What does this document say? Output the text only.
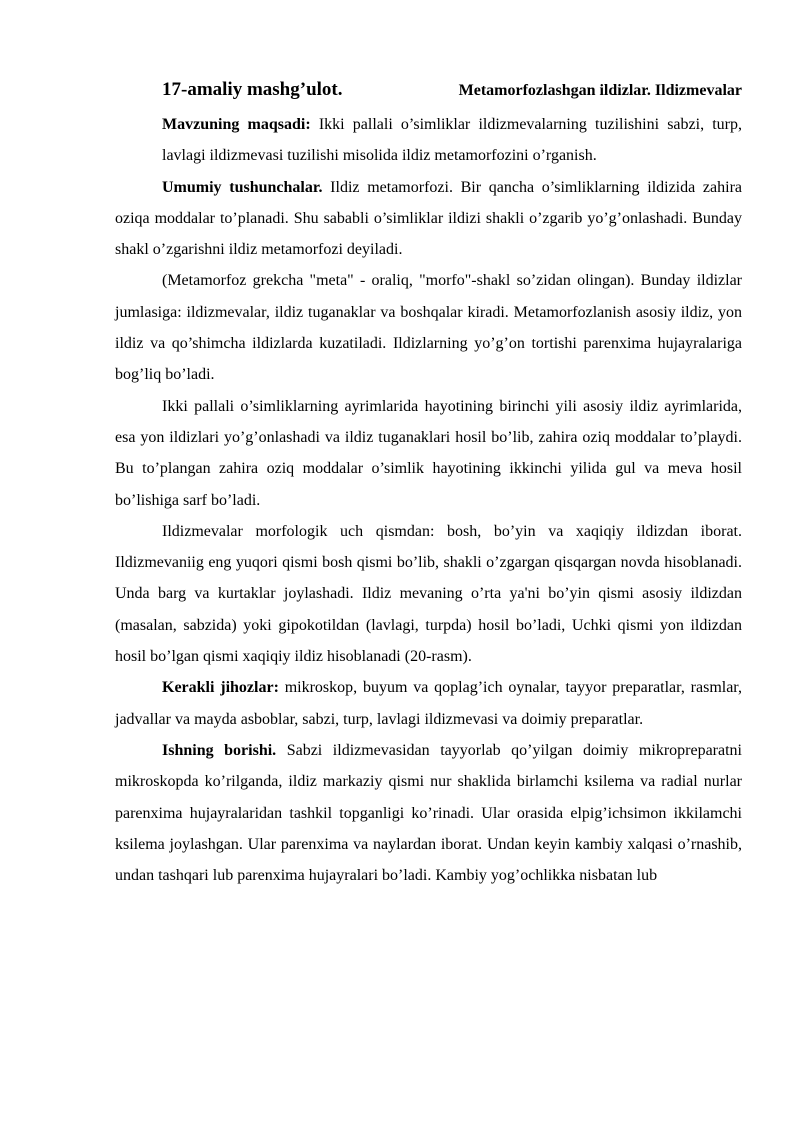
17-amaliy mashg’ulot.	Metamorfozlashgan ildizlar. Ildizmevalar

Mavzuning maqsadi: Ikki pallali o’simliklar ildizmevalarning tuzilishini sabzi, turp, lavlagi ildizmevasi tuzilishi misolida ildiz metamorfozini o’rganish.

Umumiy tushunchalar. Ildiz metamorfozi. Bir qancha o’simliklarning ildizida zahira oziqa moddalar to’planadi. Shu sababli o’simliklar ildizi shakli o’zgarib yo’g’onlashadi. Bunday shakl o’zgarishni ildiz metamorfozi deyiladi.

(Metamorfoz grekcha "meta" - oraliq, "morfo"-shakl so’zidan olingan). Bunday ildizlar jumlasiga: ildizmevalar, ildiz tuganaklar va boshqalar kiradi. Metamorfozlanish asosiy ildiz, yon ildiz va qo’shimcha ildizlarda kuzatiladi. Ildizlarning yo’g’on tortishi parenxima hujayralariga bog’liq bo’ladi.

Ikki pallali o’simliklarning ayrimlarida hayotining birinchi yili asosiy ildiz ayrimlarida, esa yon ildizlari yo’g’onlashadi va ildiz tuganaklari hosil bo’lib, zahira oziq moddalar to’playdi. Bu to’plangan zahira oziq moddalar o’simlik hayotining ikkinchi yilida gul va meva hosil bo’lishiga sarf bo’ladi.

Ildizmevalar morfologik uch qismdan: bosh, bo’yin va xaqiqiy ildizdan iborat. Ildizmevaniig eng yuqori qismi bosh qismi bo’lib, shakli o’zgargan qisqargan novda hisoblanadi. Unda barg va kurtaklar joylashadi. Ildiz mevaning o’rta ya'ni bo’yin qismi asosiy ildizdan (masalan, sabzida) yoki gipokotildan (lavlagi, turpda) hosil bo’ladi, Uchki qismi yon ildizdan hosil bo’lgan qismi xaqiqiy ildiz hisoblanadi (20-rasm).

Kerakli jihozlar: mikroskop, buyum va qoplag’ich oynalar, tayyor preparatlar, rasmlar, jadvallar va mayda asboblar, sabzi, turp, lavlagi ildizmevasi va doimiy preparatlar.

Ishning borishi. Sabzi ildizmevasidan tayyorlab qo’yilgan doimiy mikropreparatni mikroskopda ko’rilganda, ildiz markaziy qismi nur shaklida birlamchi ksilema va radial nurlar parenxima hujayralaridan tashkil topganligi ko’rinadi. Ular orasida elpig’ichsimon ikkilamchi ksilema joylashgan. Ular parenxima va naylardan iborat. Undan keyin kambiy xalqasi o’rnashib, undan tashqari lub parenxima hujayralari bo’ladi. Kambiy yog’ochlikka nisbatan lub
